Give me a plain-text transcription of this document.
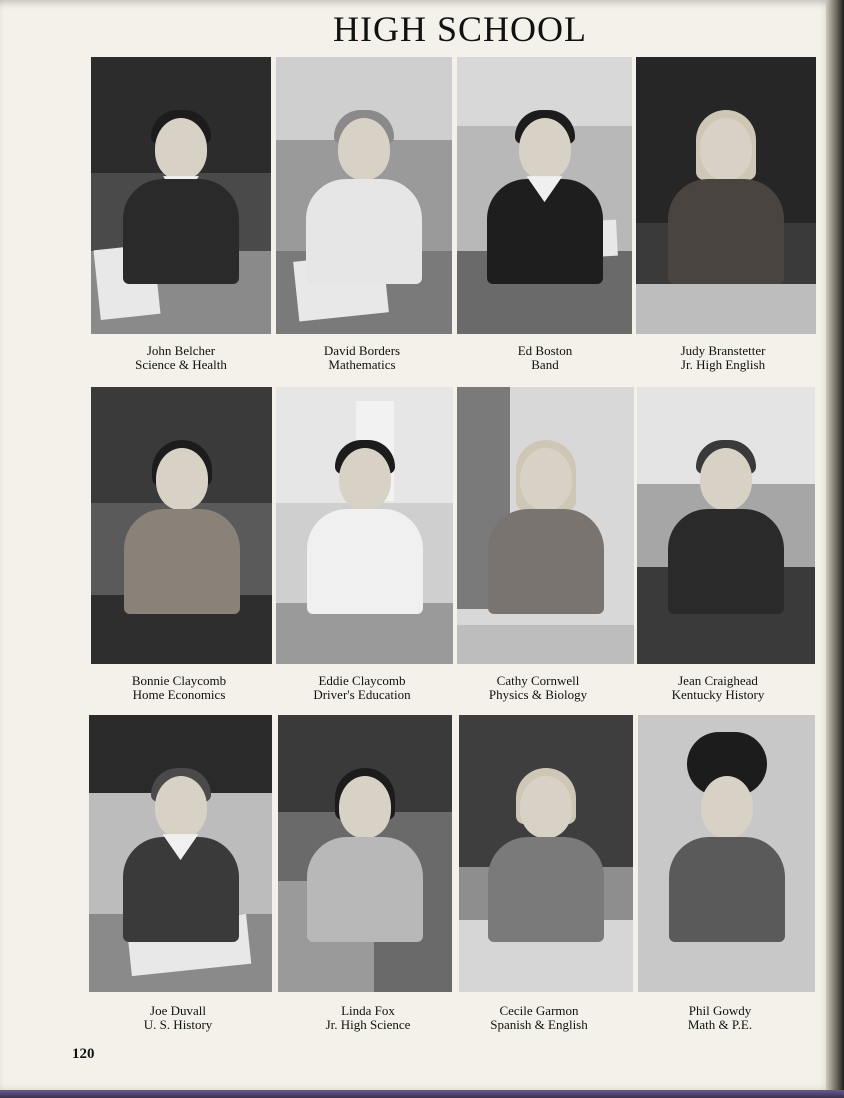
HIGH SCHOOL
John Belcher
Science & Health
David Borders
Mathematics
Ed Boston
Band
Judy Branstetter
Jr. High English
Bonnie Claycomb
Home Economics
Eddie Claycomb
Driver's Education
Cathy Cornwell
Physics & Biology
Jean Craighead
Kentucky History
Joe Duvall
U. S. History
Linda Fox
Jr. High Science
Cecile Garmon
Spanish & English
Phil Gowdy
Math & P.E.
120
